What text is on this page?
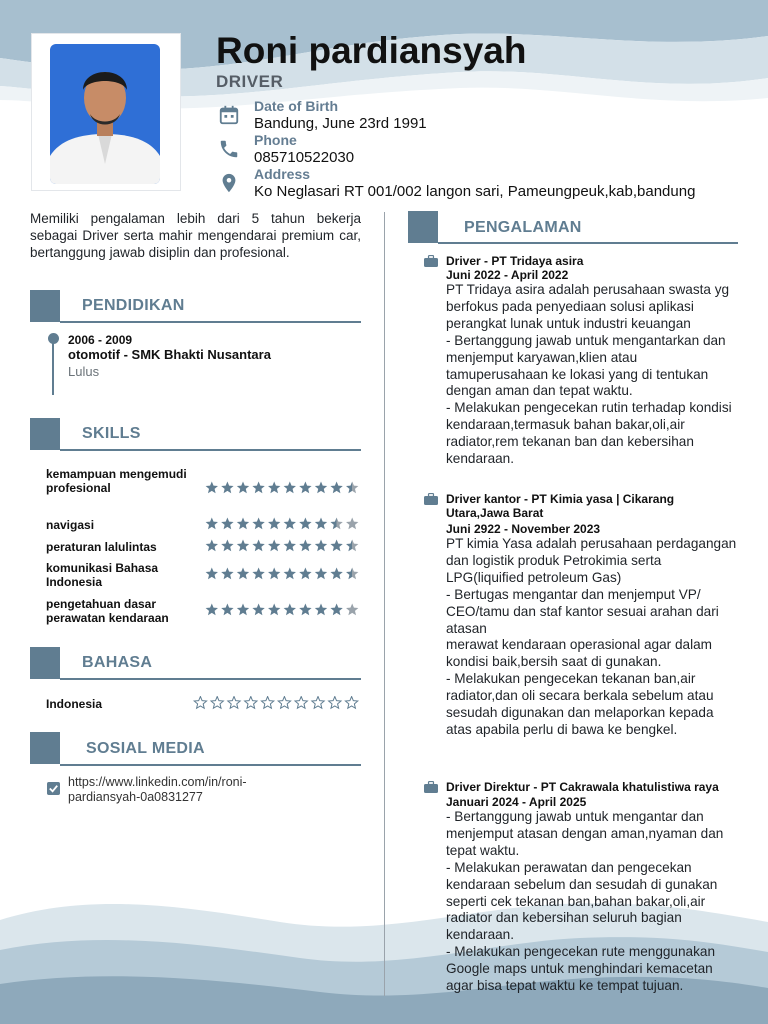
Roni pardiansyah
DRIVER
Date of Birth
Bandung, June 23rd 1991
Phone
085710522030
Address
Ko Neglasari RT 001/002 langon sari, Pameungpeuk,kab,bandung
Memiliki pengalaman lebih dari 5 tahun bekerja sebagai Driver serta mahir mengendarai premium car, bertanggung jawab disiplin dan profesional.
PENDIDIKAN
2006 - 2009
otomotif - SMK Bhakti Nusantara
Lulus
SKILLS
kemampuan mengemudi profesional
navigasi
peraturan lalulintas
komunikasi Bahasa Indonesia
pengetahuan dasar perawatan kendaraan
BAHASA
Indonesia
SOSIAL MEDIA
https://www.linkedin.com/in/roni-pardiansyah-0a0831277
PENGALAMAN
Driver - PT Tridaya asira
Juni 2022 - April 2022
PT Tridaya asira adalah perusahaan swasta yg berfokus pada penyediaan solusi aplikasi perangkat lunak untuk industri keuangan
- Bertanggung jawab untuk mengantarkan dan menjemput karyawan,klien atau tamuperusahaan ke lokasi yang di tentukan dengan aman dan tepat waktu.
- Melakukan pengecekan rutin terhadap kondisi kendaraan,termasuk bahan bakar,oli,air radiator,rem tekanan ban dan kebersihan kendaraan.
Driver kantor - PT Kimia yasa | Cikarang Utara,Jawa Barat
Juni 2922 - November 2023
PT kimia Yasa adalah perusahaan perdagangan dan logistik produk Petrokimia serta LPG(liquified petroleum Gas)
- Bertugas mengantar dan menjemput VP/ CEO/tamu dan staf kantor sesuai arahan dari atasan
merawat kendaraan operasional agar dalam kondisi baik,bersih saat di gunakan.
- Melakukan pengecekan tekanan ban,air radiator,dan oli secara berkala sebelum atau sesudah digunakan dan melaporkan kepada atas apabila perlu di bawa ke bengkel.
Driver Direktur - PT Cakrawala khatulistiwa raya
Januari 2024 - April 2025
- Bertanggung jawab untuk mengantar dan menjemput atasan dengan aman,nyaman dan tepat waktu.
- Melakukan perawatan dan pengecekan kendaraan sebelum dan sesudah di gunakan seperti cek tekanan ban,bahan bakar,oli,air radiator dan kebersihan seluruh bagian kendaraan.
- Melakukan pengecekan rute menggunakan Google maps untuk menghindari kemacetan agar bisa tepat waktu ke tempat tujuan.
